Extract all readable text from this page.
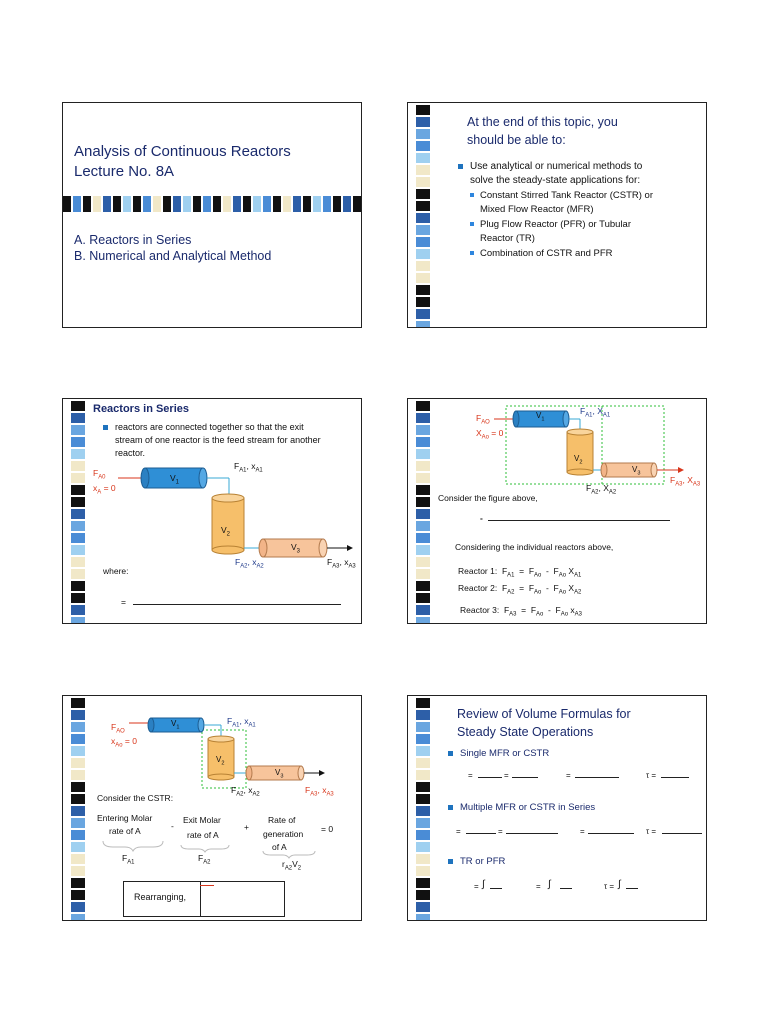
Analysis of Continuous Reactors
Lecture No. 8A
A. Reactors in Series
B. Numerical and Analytical Method
At the end of this topic, you
should be able to:
Use analytical or numerical methods to
solve the steady-state applications for:
Constant Stirred Tank Reactor (CSTR) or
Mixed Flow Reactor (MFR)
Plug Flow Reactor (PFR) or Tubular
Reactor (TR)
Combination of CSTR and PFR
Reactors in Series
reactors are connected together so that the exit
stream of one reactor is the feed stream for another
reactor.
$F_{A0}$
$x_A = 0$
$V_1$
$V_2$
$V_3$
$F_{A1}$, $x_{A1}$
$F_{A2}$, $x_{A2}$	$F_{A3}$, $x_{A3}$
where:
=
$F_{AO}$
$X_{Ao} = 0$
$V_1$
$V_2$
$V_3$
$F_{A1}$, $X_{A1}$
$F_{A2}$, $X_{A2}$
$F_{A3}$, $X_{A3}$
Consider the figure above,
-
Considering the individual reactors above,
Reactor 1:  $F_{A1} = F_{Ao} - F_{Ao}$ $X_{A1}$
Reactor 2:  $F_{A2} = F_{Ao} - F_{Ao}$ $X_{A2}$
Reactor 3:  $F_{A3} = F_{Ao} - F_{Ao}$ $x_{A3}$
$F_{AO}$
$x_{Ao} = 0$
$V_1$
$V_2$
$V_3$
$F_{A1}$, $x_{A1}$
$F_{A2}$, $x_{A2}$	$F_{A3}$, $x_{A3}$
Consider the CSTR:
Entering Molar
rate of A	-
Exit Molar
rate of A
+
Rate of
generation
of A
= 0
$F_{A1}$	$F_{A2}$	$r_{A2}V_2$
Rearranging,
Review of Volume Formulas for
Steady State Operations
Single MFR or CSTR
=	=	=	τ =
Multiple MFR or CSTR in Series
=	=	=	τ =
TR or PFR
= ∫	= ∫	τ = ∫
